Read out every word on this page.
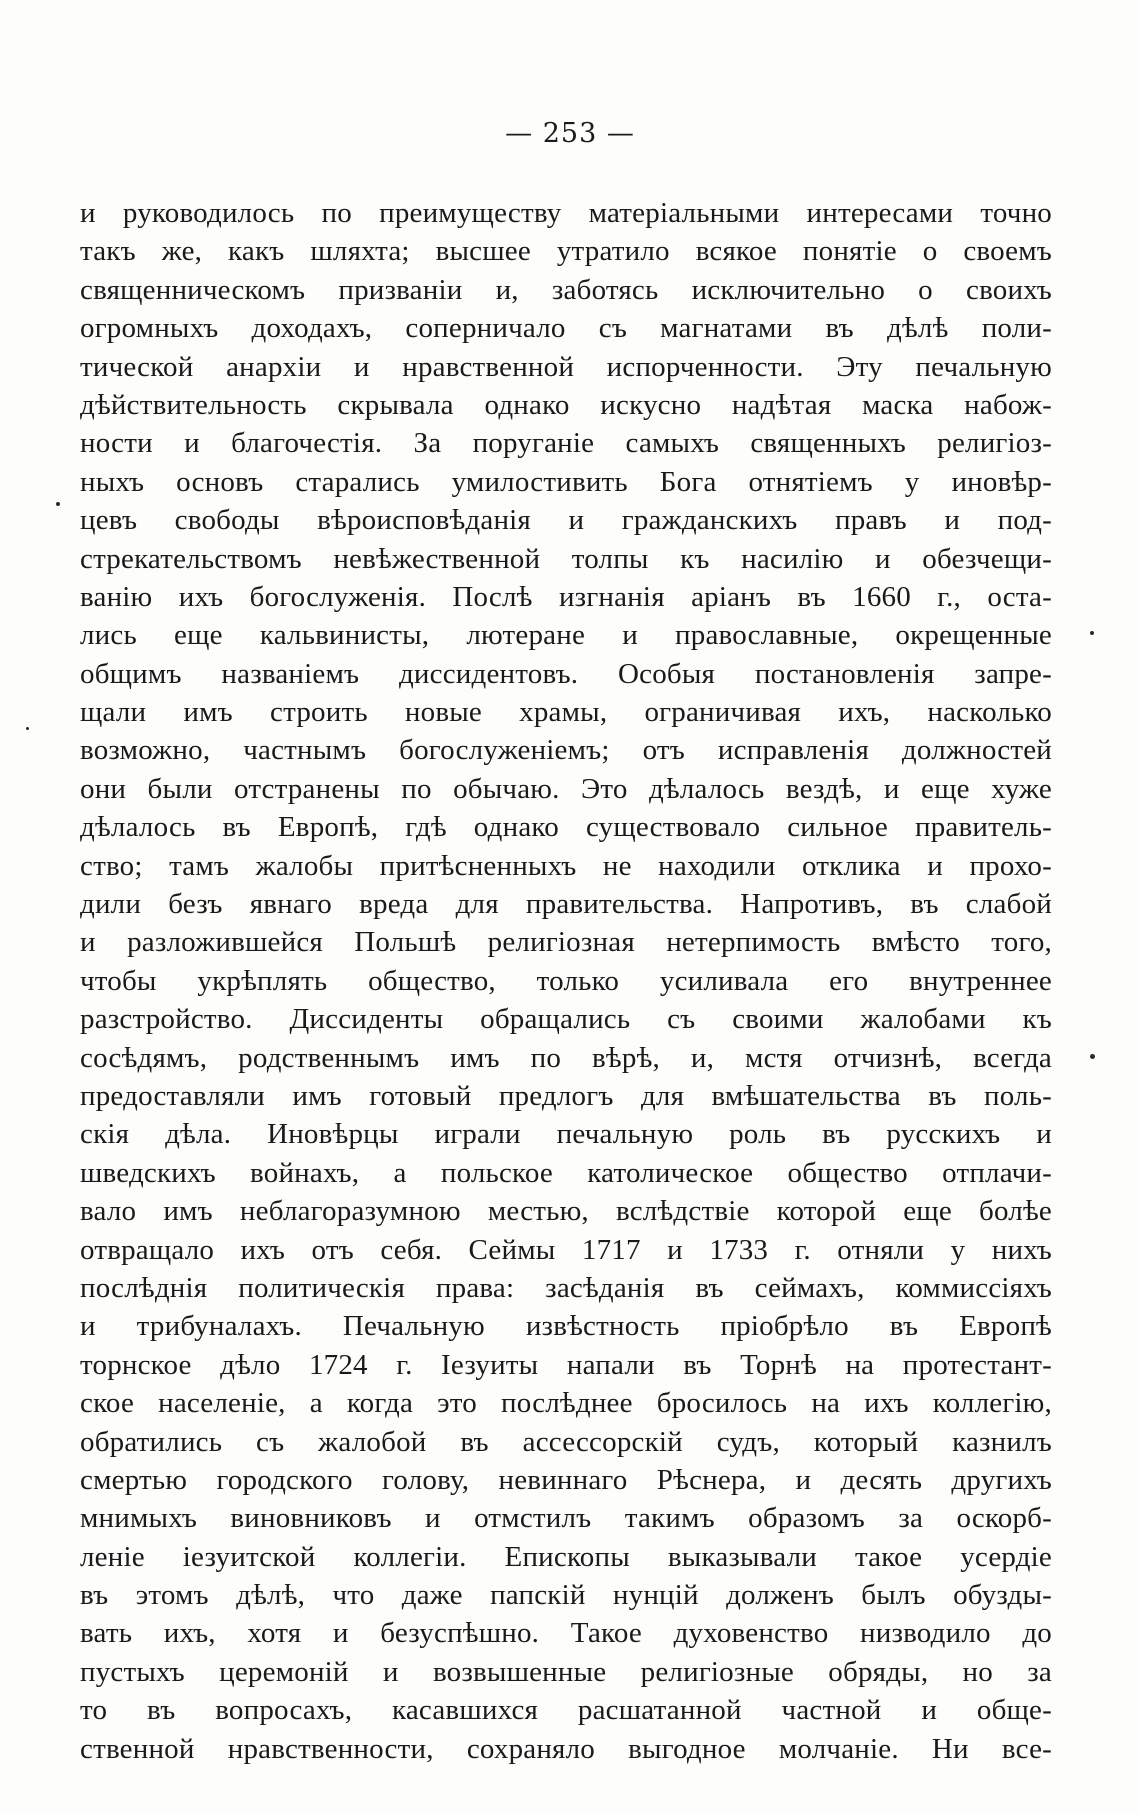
— 253 —
и руководилось по преимуществу матеріальными интересами точно
такъ же, какъ шляхта; высшее утратило всякое понятіе о своемъ
священническомъ призваніи и, заботясь исключительно о своихъ
огромныхъ доходахъ, соперничало съ магнатами въ дѣлѣ поли-
тической анархіи и нравственной испорченности. Эту печальную
дѣйствительность скрывала однако искусно надѣтая маска набож-
ности и благочестія. За поруганіе самыхъ священныхъ религіоз-
ныхъ основъ старались умилостивить Бога отнятіемъ у иновѣр-
цевъ свободы вѣроисповѣданія и гражданскихъ правъ и под-
стрекательствомъ невѣжественной толпы къ насилію и обезчещи-
ванію ихъ богослуженія. Послѣ изгнанія аріанъ въ 1660 г., оста-
лись еще кальвинисты, лютеране и православные, окрещенные
общимъ названіемъ диссидентовъ. Особыя постановленія запре-
щали имъ строить новые храмы, ограничивая ихъ, насколько
возможно, частнымъ богослуженіемъ; отъ исправленія должностей
они были отстранены по обычаю. Это дѣлалось вездѣ, и еще хуже
дѣлалось въ Европѣ, гдѣ однако существовало сильное правитель-
ство; тамъ жалобы притѣсненныхъ не находили отклика и прохо-
дили безъ явнаго вреда для правительства. Напротивъ, въ слабой
и разложившейся Польшѣ религіозная нетерпимость вмѣсто того,
чтобы укрѣплять общество, только усиливала его внутреннее
разстройство. Диссиденты обращались съ своими жалобами къ
сосѣдямъ, родственнымъ имъ по вѣрѣ, и, мстя отчизнѣ, всегда
предоставляли имъ готовый предлогъ для вмѣшательства въ поль-
скія дѣла. Иновѣрцы играли печальную роль въ русскихъ и
шведскихъ войнахъ, а польское католическое общество отплачи-
вало имъ неблагоразумною местью, вслѣдствіе которой еще болѣе
отвращало ихъ отъ себя. Сеймы 1717 и 1733 г. отняли у нихъ
послѣднія политическія права: засѣданія въ сеймахъ, коммиссіяхъ
и трибуналахъ. Печальную извѣстность пріобрѣло въ Европѣ
торнское дѣло 1724 г. Іезуиты напали въ Торнѣ на протестант-
ское населеніе, а когда это послѣднее бросилось на ихъ коллегію,
обратились съ жалобой въ ассессорскій судъ, который казнилъ
смертью городского голову, невиннаго Рѣснера, и десять другихъ
мнимыхъ виновниковъ и отмстилъ такимъ образомъ за оскорб-
леніе іезуитской коллегіи. Епископы выказывали такое усердіе
въ этомъ дѣлѣ, что даже папскій нунцій долженъ былъ обузды-
вать ихъ, хотя и безуспѣшно. Такое духовенство низводило до
пустыхъ церемоній и возвышенные религіозные обряды, но за
то въ вопросахъ, касавшихся расшатанной частной и обще-
ственной нравственности, сохраняло выгодное молчаніе. Ни все-
